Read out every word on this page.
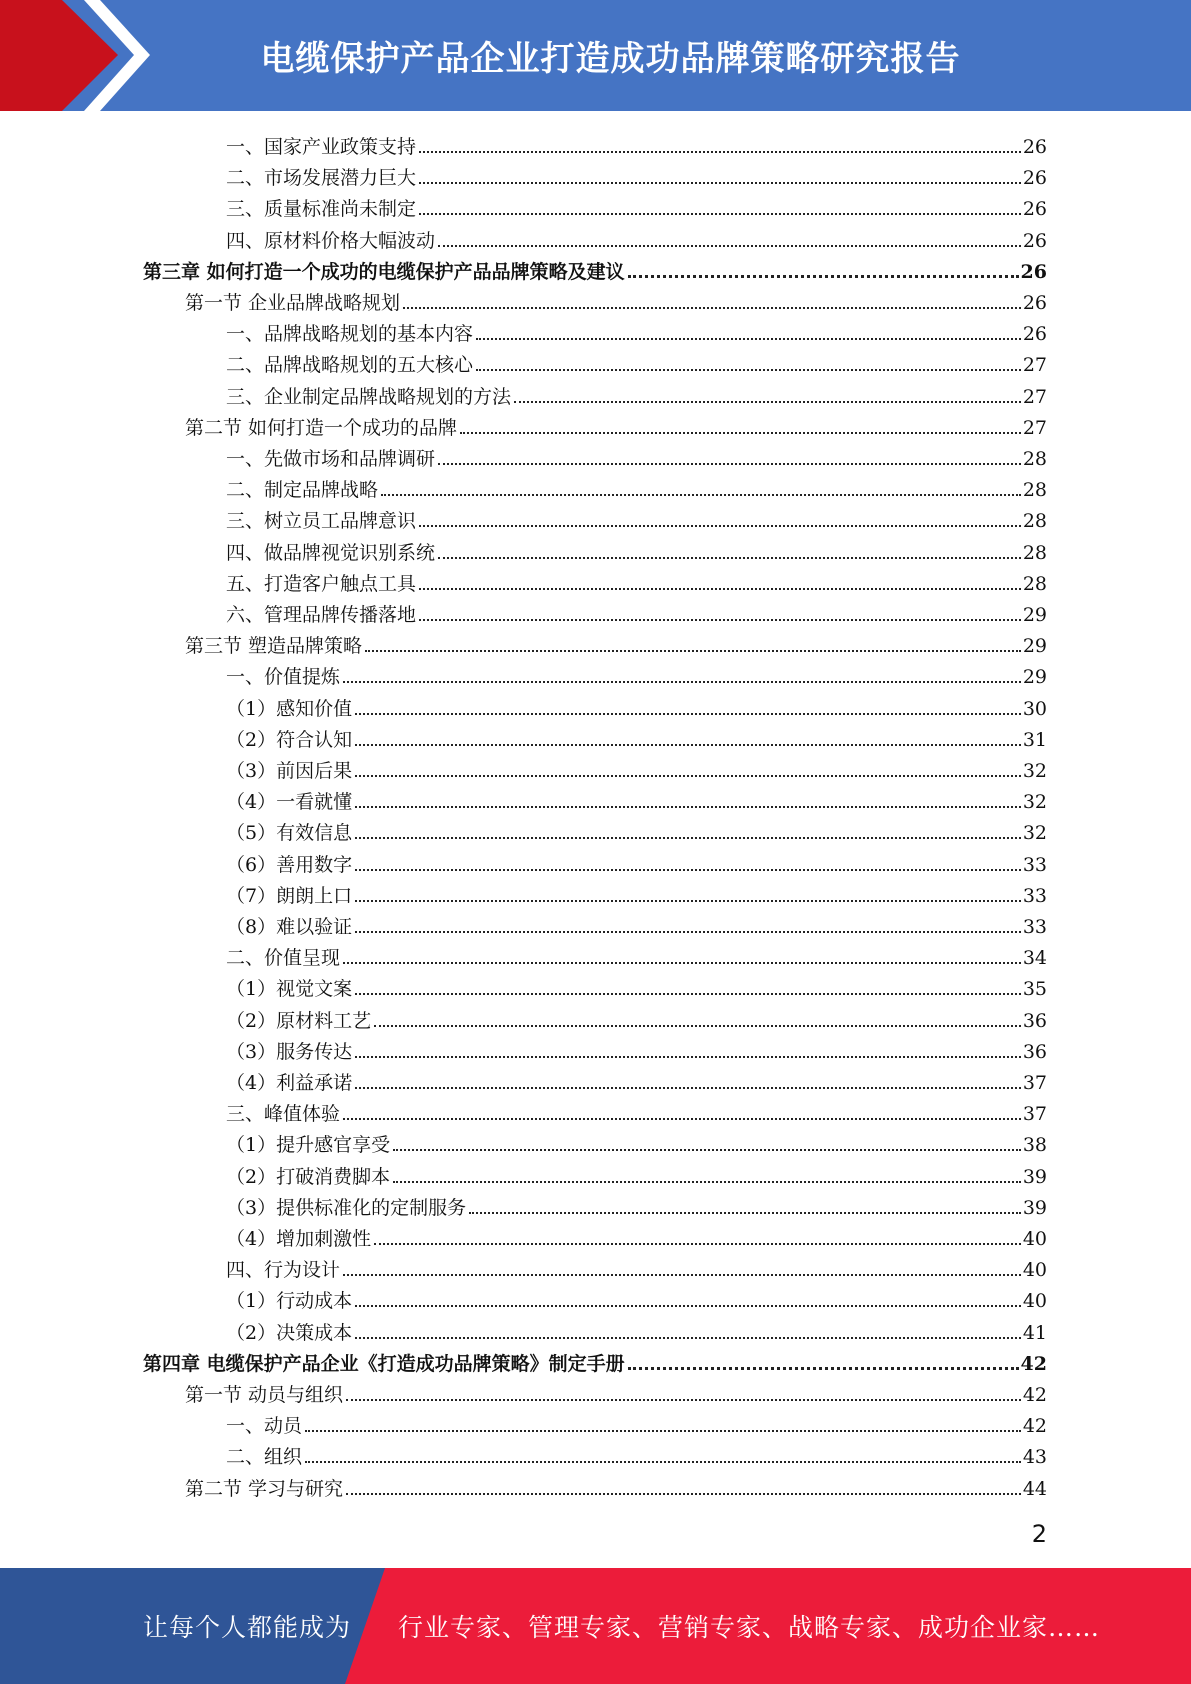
电缆保护产品企业打造成功品牌策略研究报告
一、国家产业政策支持	26
二、市场发展潜力巨大	26
三、质量标准尚未制定	26
四、原材料价格大幅波动	26
第三章 如何打造一个成功的电缆保护产品品牌策略及建议	26
第一节 企业品牌战略规划	26
一、品牌战略规划的基本内容	26
二、品牌战略规划的五大核心	27
三、企业制定品牌战略规划的方法	27
第二节 如何打造一个成功的品牌	27
一、先做市场和品牌调研	28
二、制定品牌战略	28
三、树立员工品牌意识	28
四、做品牌视觉识别系统	28
五、打造客户触点工具	28
六、管理品牌传播落地	29
第三节 塑造品牌策略	29
一、价值提炼	29
（1）感知价值	30
（2）符合认知	31
（3）前因后果	32
（4）一看就懂	32
（5）有效信息	32
（6）善用数字	33
（7）朗朗上口	33
（8）难以验证	33
二、价值呈现	34
（1）视觉文案	35
（2）原材料工艺	36
（3）服务传达	36
（4）利益承诺	37
三、峰值体验	37
（1）提升感官享受	38
（2）打破消费脚本	39
（3）提供标准化的定制服务	39
（4）增加刺激性	40
四、行为设计	40
（1）行动成本	40
（2）决策成本	41
第四章 电缆保护产品企业《打造成功品牌策略》制定手册	42
第一节 动员与组织	42
一、动员	42
二、组织	43
第二节 学习与研究	44
2
让每个人都能成为 行业专家、管理专家、营销专家、战略专家、成功企业家……
